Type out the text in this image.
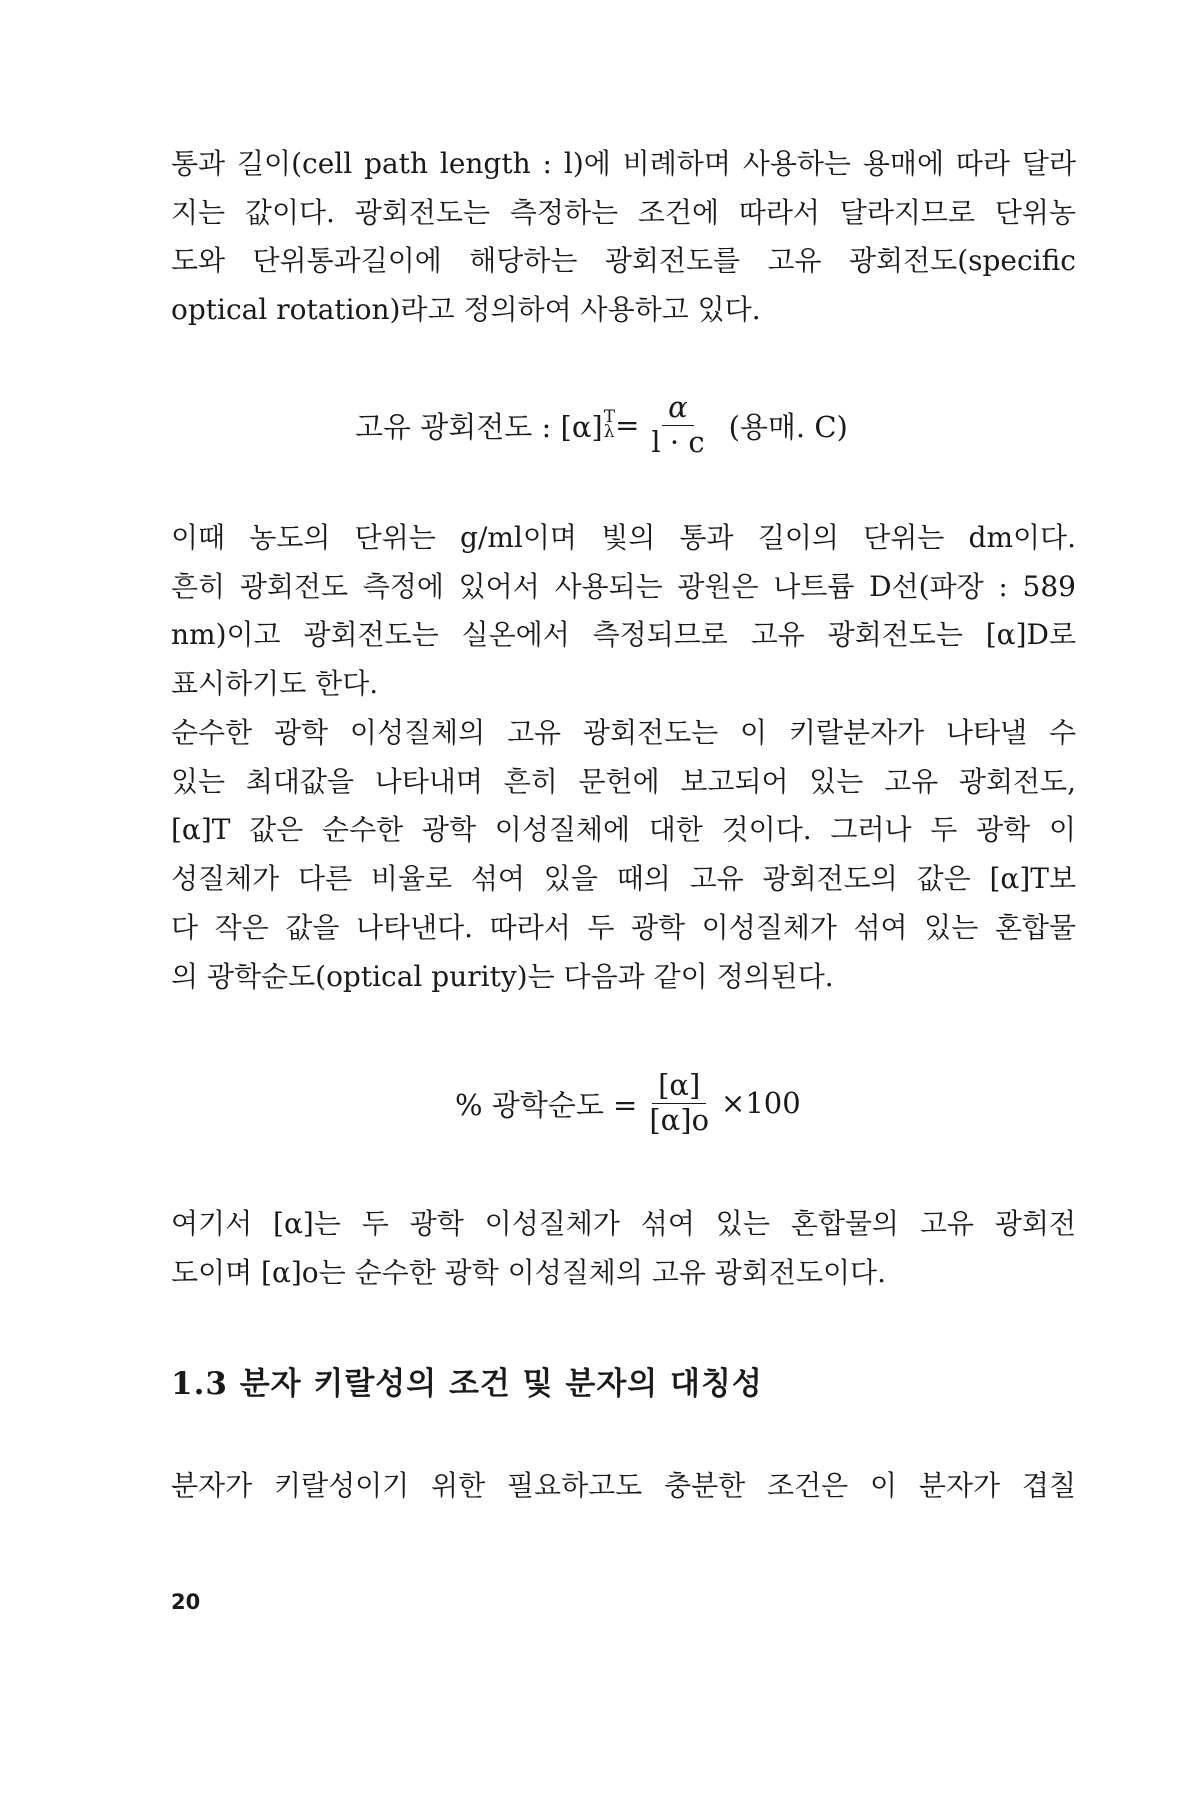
통과 길이(cell path length : l)에 비례하며 사용하는 용매에 따라 달라
지는 값이다. 광회전도는 측정하는 조건에 따라서 달라지므로 단위농
도와 단위통과길이에 해당하는 광회전도를 고유 광회전도(specific
optical rotation)라고 정의하여 사용하고 있다.

고유 광회전도 : [α] T
$\lambda = \frac{\alpha}{l \cdot c}$ (용매. C)

이때 농도의 단위는 g/ml이며 빛의 통과 길이의 단위는 dm이다.
흔히 광회전도 측정에 있어서 사용되는 광원은 나트륨 D선(파장 : 589
nm)이고 광회전도는 실온에서 측정되므로 고유 광회전도는 [α]D로
표시하기도 한다.

순수한 광학 이성질체의 고유 광회전도는 이 키랄분자가 나타낼 수
있는 최대값을 나타내며 흔히 문헌에 보고되어 있는 고유 광회전도,
[α]T 값은 순수한 광학 이성질체에 대한 것이다. 그러나 두 광학 이
성질체가 다른 비율로 섞여 있을 때의 고유 광회전도의 값은 [α]T보
다 작은 값을 나타낸다. 따라서 두 광학 이성질체가 섞여 있는 혼합물
의 광학순도(optical purity)는 다음과 같이 정의된다.

% 광학순도 = $\frac{[\alpha]}{[\alpha]o} \times 100$

여기서 [α]는 두 광학 이성질체가 섞여 있는 혼합물의 고유 광회전
도이며 [α]o는 순수한 광학 이성질체의 고유 광회전도이다.

1.3 분자 키랄성의 조건 및 분자의 대칭성

분자가 키랄성이기 위한 필요하고도 충분한 조건은 이 분자가 겹칠

20
